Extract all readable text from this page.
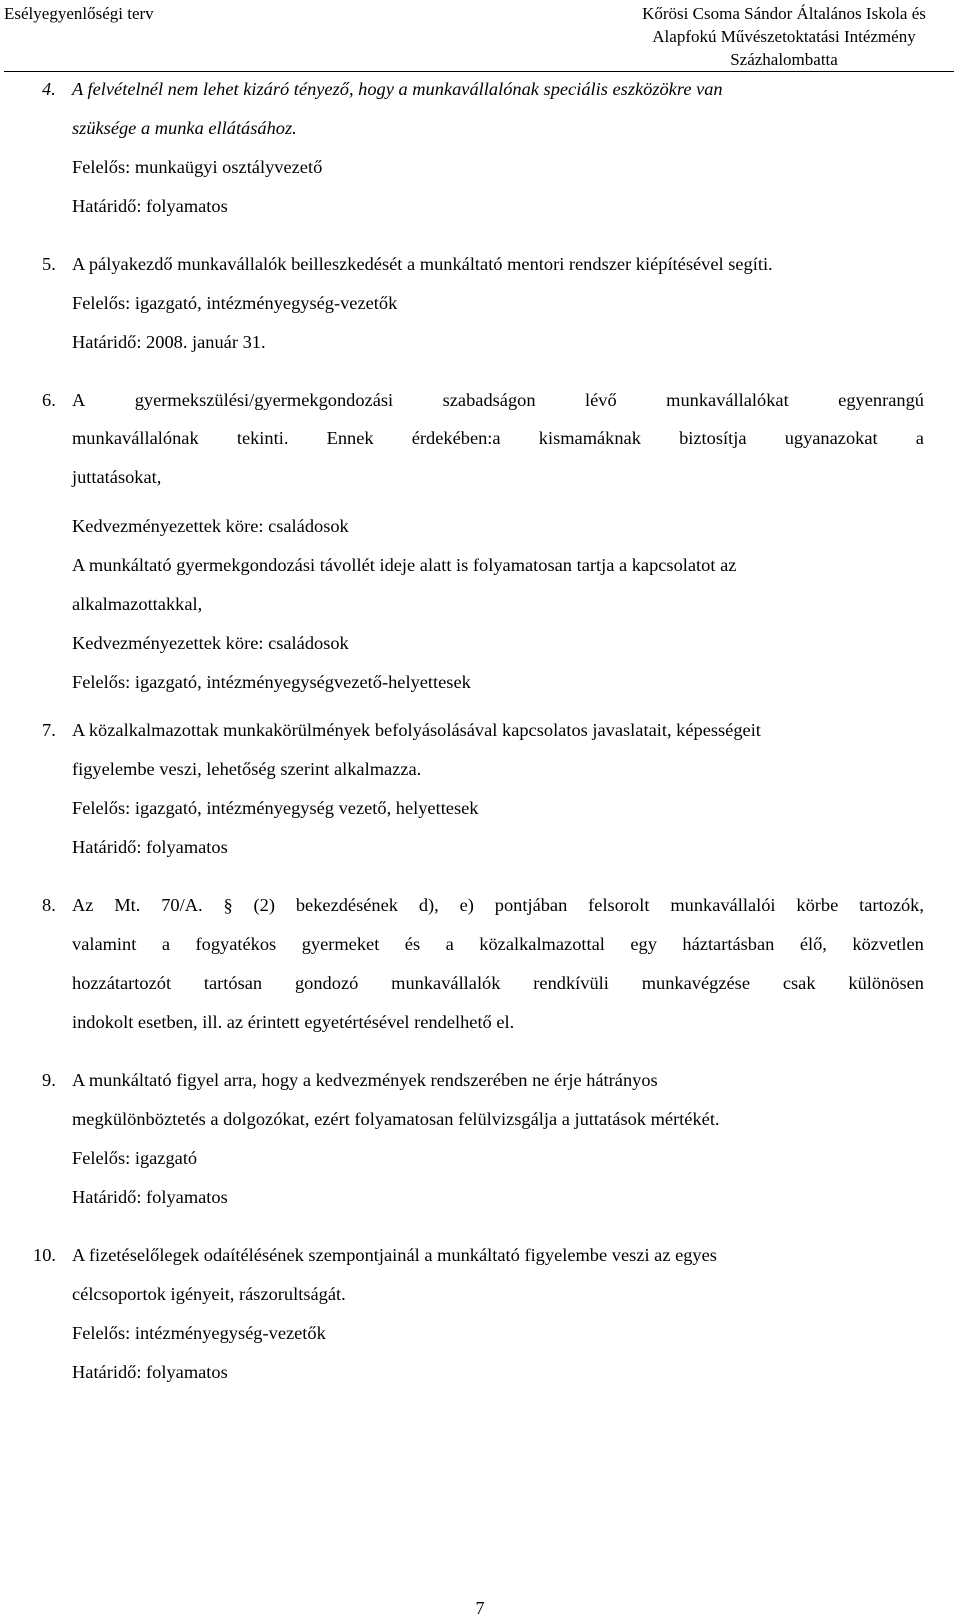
Esélyegyenlőségi terv	Kőrösi Csoma Sándor Általános Iskola és
Alapfokú Művészetoktatási Intézmény
Százhalombatta
4. A felvételnél nem lehet kizáró tényező, hogy a munkavállalónak speciális eszközökre van
szüksége a munka ellátásához.
Felelős: munkaügyi osztályvezető
Határidő: folyamatos
5. A pályakezdő munkavállalók beilleszkedését a munkáltató mentori rendszer kiépítésével segíti.
Felelős: igazgató, intézményegység-vezetők
Határidő: 2008. január 31.
6. A	gyermekszülési/gyermekgondozási	szabadságon	lévő	munkavállalókat	egyenrangú
munkavállalónak tekinti. Ennek érdekében:a kismamáknak biztosítja ugyanazokat a
juttatásokat,
Kedvezményezettek köre: családosok
A munkáltató gyermekgondozási távollét ideje alatt is folyamatosan tartja a kapcsolatot az
alkalmazottakkal,
Kedvezményezettek köre: családosok
Felelős: igazgató, intézményegységvezető-helyettesek
7. A közalkalmazottak munkakörülmények befolyásolásával kapcsolatos javaslatait, képességeit
figyelembe veszi, lehetőség szerint alkalmazza.
Felelős: igazgató, intézményegység vezető, helyettesek
Határidő: folyamatos
8. Az Mt. 70/A. § (2) bekezdésének d), e) pontjában felsorolt munkavállalói körbe tartozók,
valamint a fogyatékos gyermeket és a közalkalmazottal egy háztartásban élő, közvetlen
hozzátartozót tartósan gondozó munkavállalók rendkívüli munkavégzése csak különösen
indokolt esetben, ill. az érintett egyetértésével rendelhető el.
9. A munkáltató figyel arra, hogy a kedvezmények rendszerében ne érje hátrányos
megkülönböztetés a dolgozókat, ezért folyamatosan felülvizsgálja a juttatások mértékét.
Felelős: igazgató
Határidő: folyamatos
10. A fizetéselőlegek odaítélésének szempontjainál a munkáltató figyelembe veszi az egyes
célcsoportok igényeit, rászorultságát.
Felelős: intézményegység-vezetők
Határidő: folyamatos
7
